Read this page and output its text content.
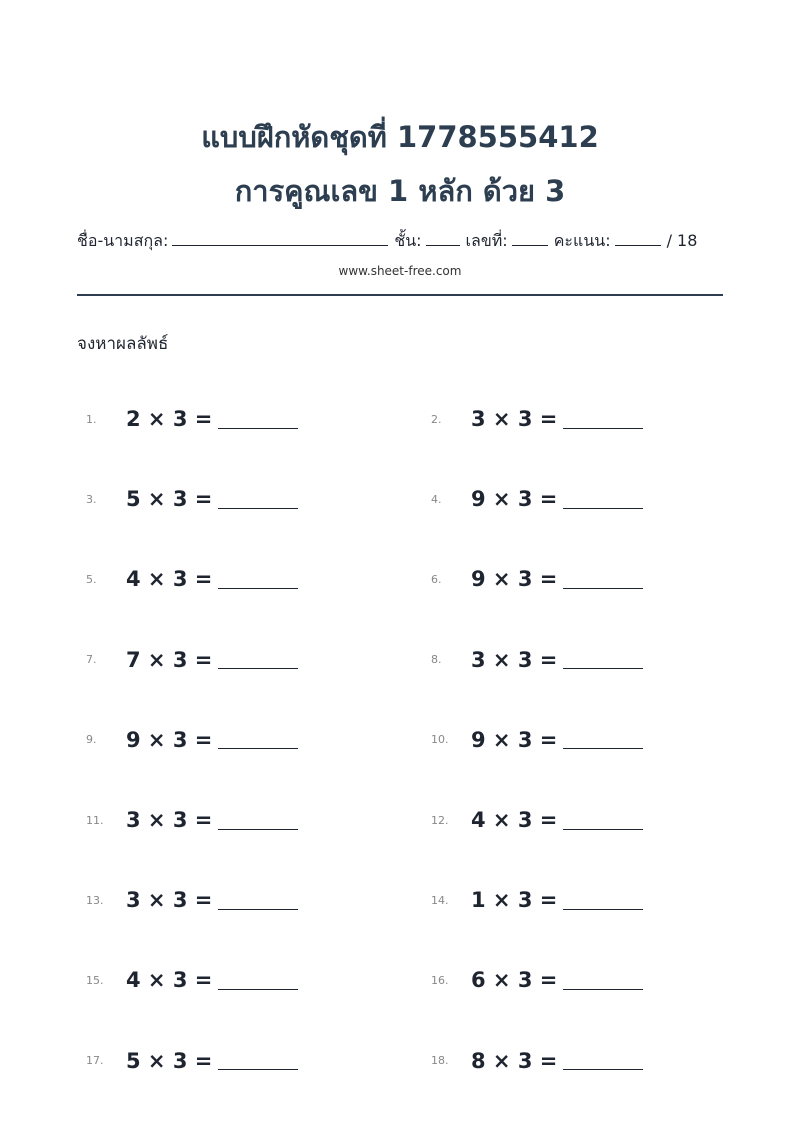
แบบฝึกหัดชุดที่ 1778555412
การคูณเลข 1 หลัก ด้วย 3
ชื่อ-นามสกุล:	ชั้น:	เลขที่:	คะแนน:	/ 18
www.sheet-free.com
จงหาผลลัพธ์
1.	2 × 3 =	2.	3 × 3 =
3.	5 × 3 =	4.	9 × 3 =
5.	4 × 3 =	6.	9 × 3 =
7.	7 × 3 =	8.	3 × 3 =
9.	9 × 3 =	10.	9 × 3 =
11.	3 × 3 =	12.	4 × 3 =
13.	3 × 3 =	14.	1 × 3 =
15.	4 × 3 =	16.	6 × 3 =
17.	5 × 3 =	18.	8 × 3 =
